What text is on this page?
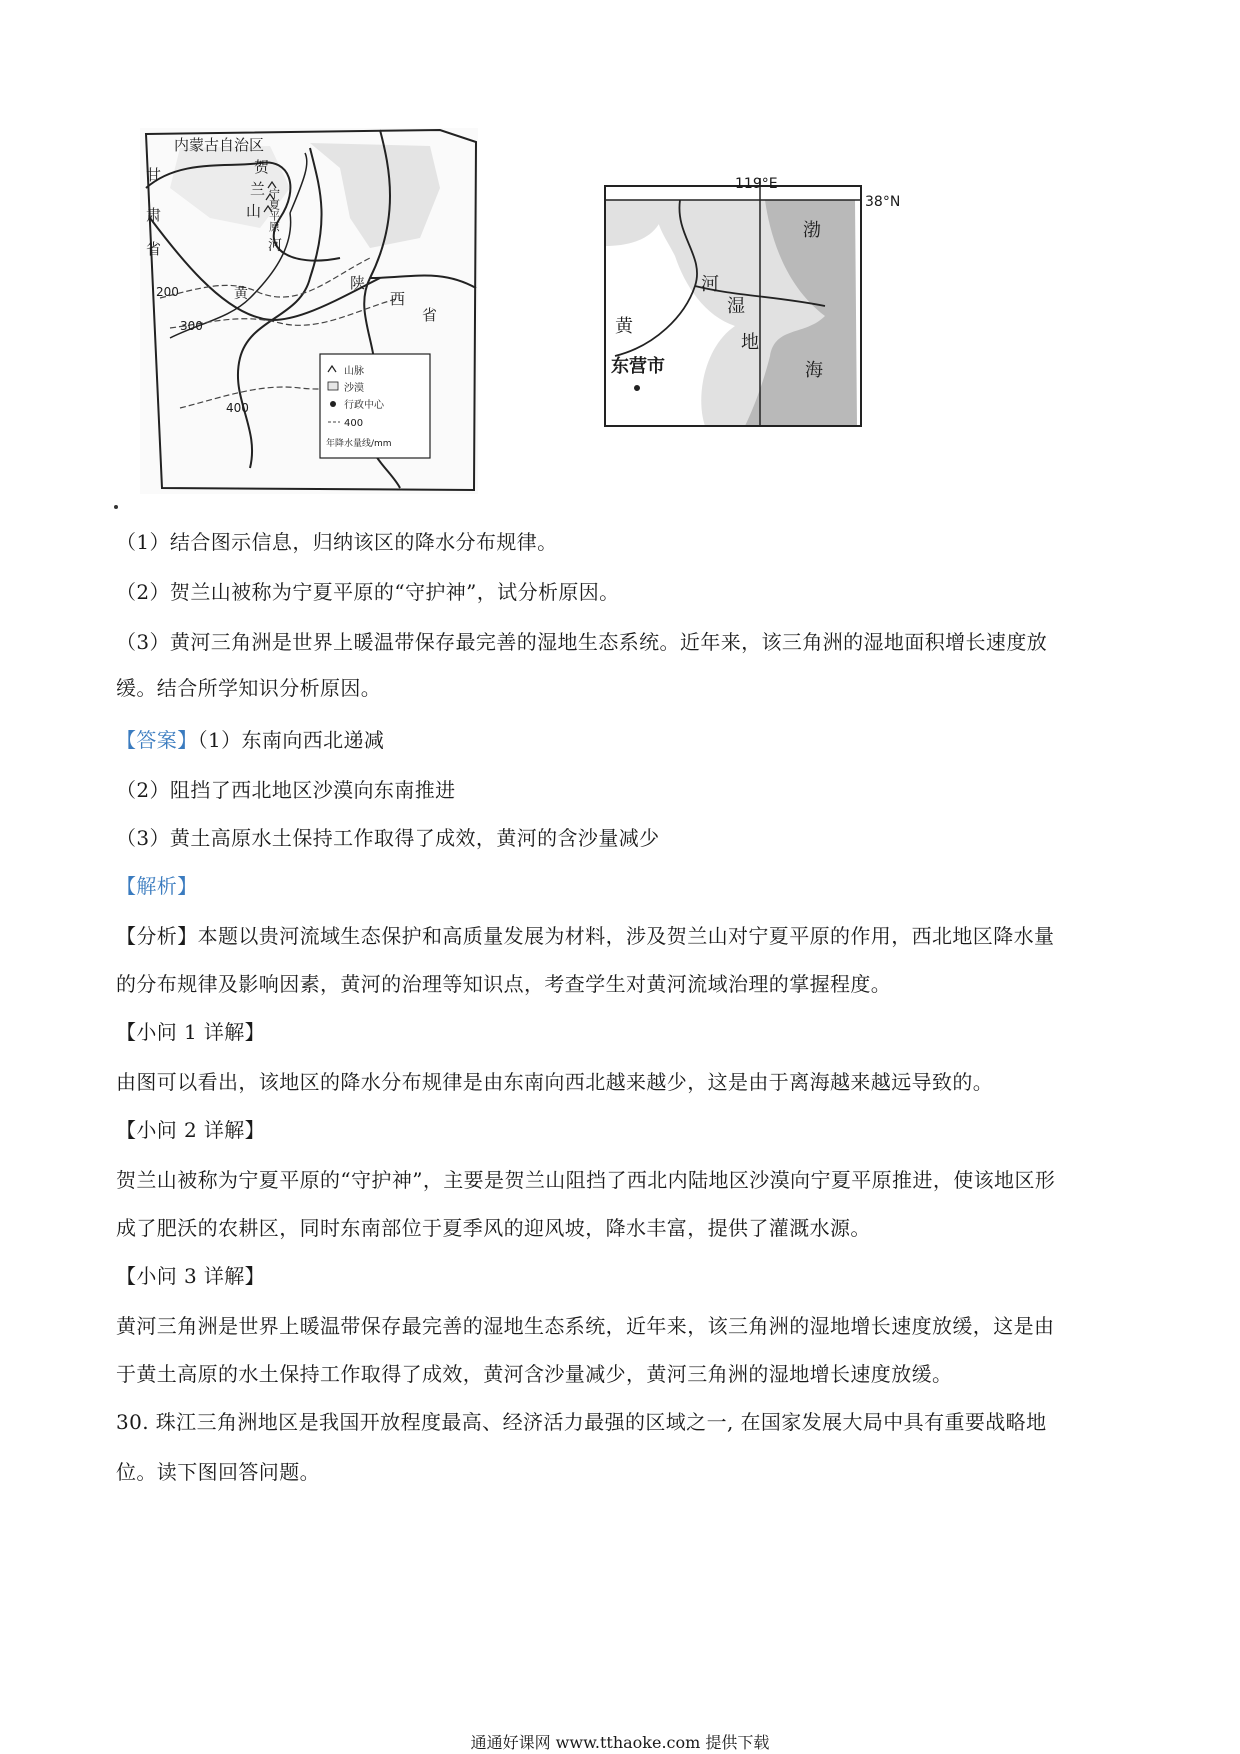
内蒙古自治区
贺
兰
山 宁夏平原
甘
肃
省	河
黄
陕
西
省
200
300
400
山脉
沙漠
行政中心
400
年降水量线/mm
119°E
38°N
渤
海
河
湿
地
黄
东营市
（1）结合图示信息，归纳该区的降水分布规律。
（2）贺兰山被称为宁夏平原的“守护神”，试分析原因。
（3）黄河三角洲是世界上暖温带保存最完善的湿地生态系统。近年来，该三角洲的湿地面积增长速度放
缓。结合所学知识分析原因。
【答案】（1）东南向西北递减
（2）阻挡了西北地区沙漠向东南推进
（3）黄土高原水土保持工作取得了成效，黄河的含沙量减少
【解析】
【分析】本题以贵河流域生态保护和高质量发展为材料，涉及贺兰山对宁夏平原的作用，西北地区降水量
的分布规律及影响因素，黄河的治理等知识点，考查学生对黄河流域治理的掌握程度。
【小问 1 详解】
由图可以看出，该地区的降水分布规律是由东南向西北越来越少，这是由于离海越来越远导致的。
【小问 2 详解】
贺兰山被称为宁夏平原的“守护神”，主要是贺兰山阻挡了西北内陆地区沙漠向宁夏平原推进，使该地区形
成了肥沃的农耕区，同时东南部位于夏季风的迎风坡，降水丰富，提供了灌溉水源。
【小问 3 详解】
黄河三角洲是世界上暖温带保存最完善的湿地生态系统，近年来，该三角洲的湿地增长速度放缓，这是由
于黄土高原的水土保持工作取得了成效，黄河含沙量减少，黄河三角洲的湿地增长速度放缓。
30. 珠江三角洲地区是我国开放程度最高、经济活力最强的区域之一, 在国家发展大局中具有重要战略地
位。读下图回答问题。
通通好课网 www.tthaoke.com 提供下载
